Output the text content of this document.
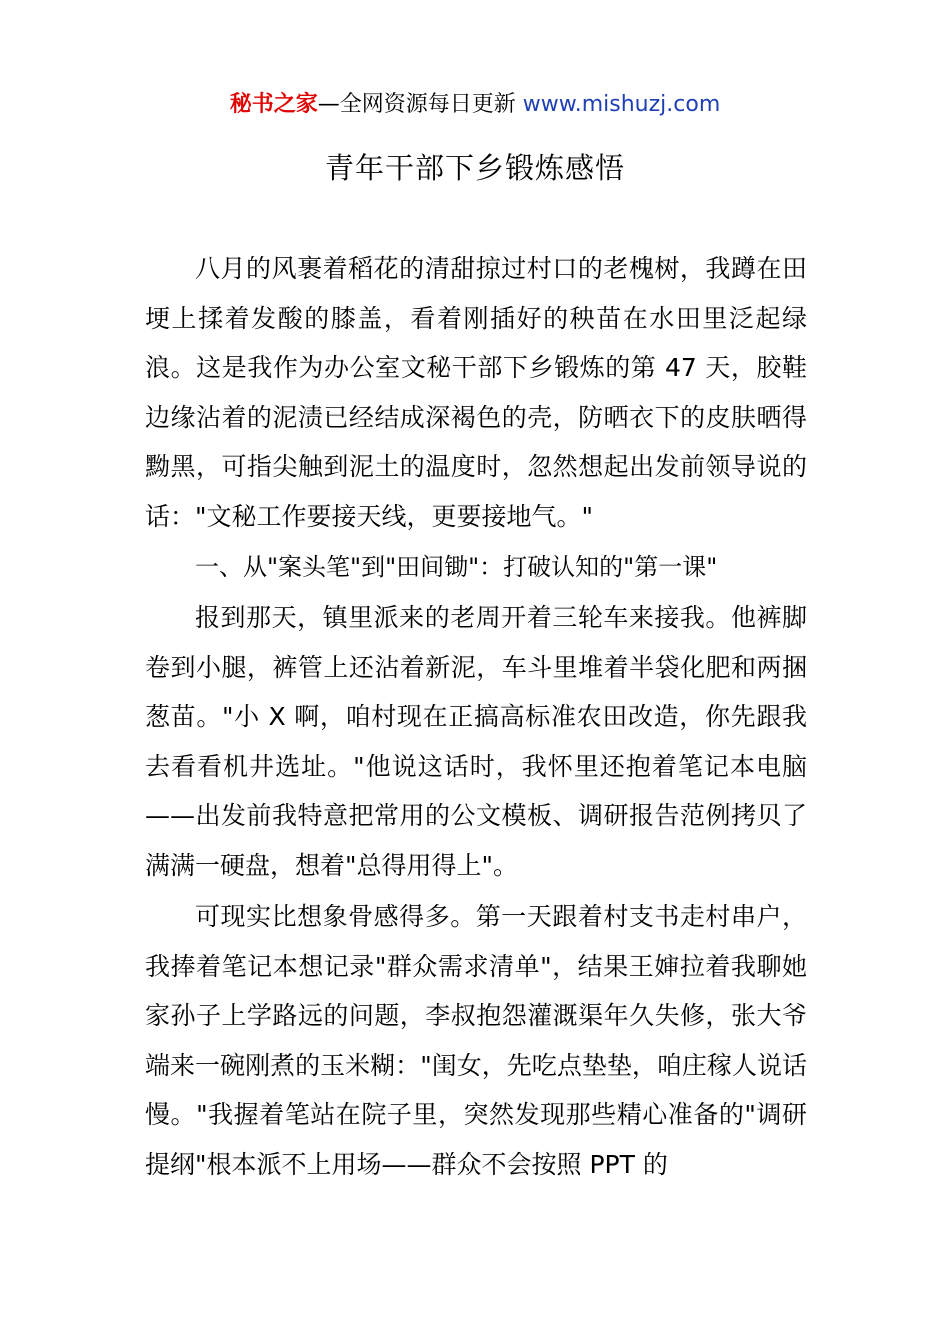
秘书之家—全网资源每日更新 www.mishuzj.com
青年干部下乡锻炼感悟

八月的风裹着稻花的清甜掠过村口的老槐树，我蹲在田埂上揉着发酸的膝盖，看着刚插好的秧苗在水田里泛起绿浪。这是我作为办公室文秘干部下乡锻炼的第 47 天，胶鞋边缘沾着的泥渍已经结成深褐色的壳，防晒衣下的皮肤晒得黝黑，可指尖触到泥土的温度时，忽然想起出发前领导说的话："文秘工作要接天线，更要接地气。"

一、从"案头笔"到"田间锄"：打破认知的"第一课"

报到那天，镇里派来的老周开着三轮车来接我。他裤脚卷到小腿，裤管上还沾着新泥，车斗里堆着半袋化肥和两捆葱苗。"小 X 啊，咱村现在正搞高标准农田改造，你先跟我去看看机井选址。"他说这话时，我怀里还抱着笔记本电脑——出发前我特意把常用的公文模板、调研报告范例拷贝了满满一硬盘，想着"总得用得上"。

可现实比想象骨感得多。第一天跟着村支书走村串户，我捧着笔记本想记录"群众需求清单"，结果王婶拉着我聊她家孙子上学路远的问题，李叔抱怨灌溉渠年久失修，张大爷端来一碗刚煮的玉米糊："闺女，先吃点垫垫，咱庄稼人说话慢。"我握着笔站在院子里，突然发现那些精心准备的"调研提纲"根本派不上用场——群众不会按照 PPT 的
